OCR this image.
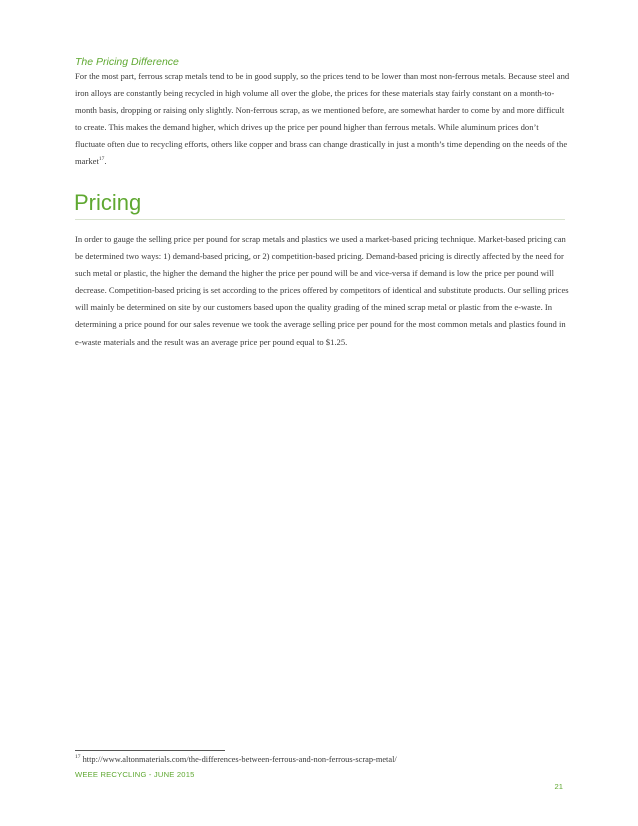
The Pricing Difference

For the most part, ferrous scrap metals tend to be in good supply, so the prices tend to be lower than most non-ferrous metals. Because steel and iron alloys are constantly being recycled in high volume all over the globe, the prices for these materials stay fairly constant on a month-to-month basis, dropping or raising only slightly. Non-ferrous scrap, as we mentioned before, are somewhat harder to come by and more difficult to create. This makes the demand higher, which drives up the price per pound higher than ferrous metals. While aluminum prices don’t fluctuate often due to recycling efforts, others like copper and brass can change drastically in just a month’s time depending on the needs of the market$^{17}$.

Pricing

In order to gauge the selling price per pound for scrap metals and plastics we used a market-based pricing technique. Market-based pricing can be determined two ways: 1) demand-based pricing, or 2) competition-based pricing. Demand-based pricing is directly affected by the need for such metal or plastic, the higher the demand the higher the price per pound will be and vice-versa if demand is low the price per pound will decrease. Competition-based pricing is set according to the prices offered by competitors of identical and substitute products. Our selling prices will mainly be determined on site by our customers based upon the quality grading of the mined scrap metal or plastic from the e-waste. In determining a price pound for our sales revenue we took the average selling price per pound for the most common metals and plastics found in e-waste materials and the result was an average price per pound equal to $1.25.

$^{17}$ http://www.altonmaterials.com/the-differences-between-ferrous-and-non-ferrous-scrap-metal/
WEEE RECYCLING - JUNE 2015
21
